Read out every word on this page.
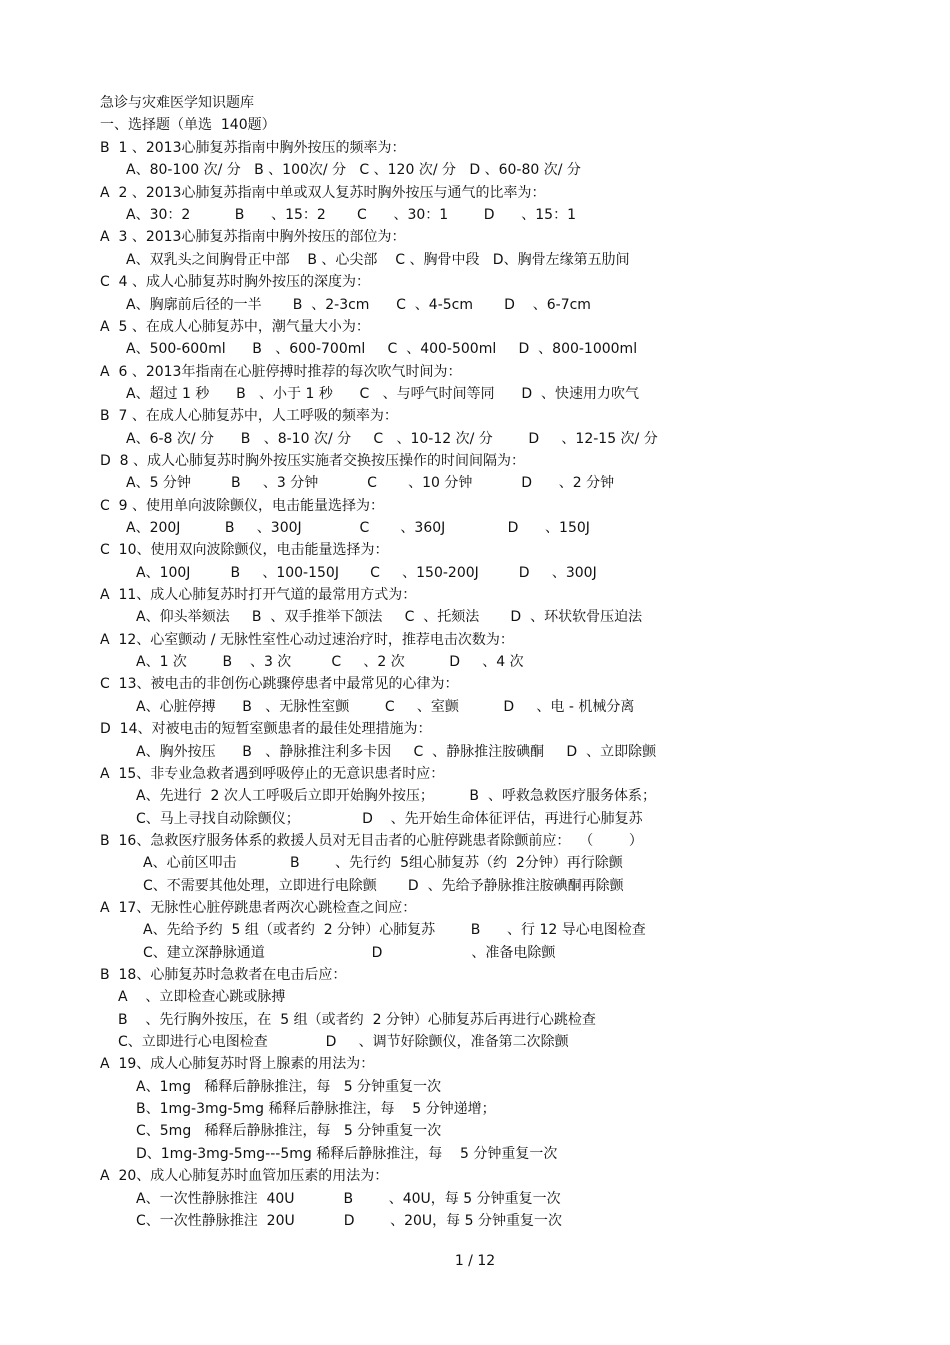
急诊与灾难医学知识题库
一、选择题（单选  140题）
B  1 、2013心肺复苏指南中胸外按压的频率为：
A、80-100 次/ 分   B 、100次/ 分   C 、120 次/ 分   D 、60-80 次/ 分
A  2 、2013心肺复苏指南中单或双人复苏时胸外按压与通气的比率为：
A、30：2          B      、15：2       C      、30：1        D      、15：1
A  3 、2013心肺复苏指南中胸外按压的部位为：
A、双乳头之间胸骨正中部    B 、心尖部    C 、胸骨中段   D、胸骨左缘第五肋间
C  4 、成人心肺复苏时胸外按压的深度为：
A、胸廓前后径的一半       B  、2-3cm      C  、4-5cm       D    、6-7cm
A  5 、在成人心肺复苏中，潮气量大小为：
A、500-600ml      B   、600-700ml     C  、400-500ml     D  、800-1000ml
A  6 、2013年指南在心脏停搏时推荐的每次吹气时间为：
A、超过 1 秒      B   、小于 1 秒      C   、与呼气时间等同      D  、快速用力吹气
B  7 、在成人心肺复苏中，人工呼吸的频率为：
A、6-8 次/ 分      B   、8-10 次/ 分     C   、10-12 次/ 分        D     、12-15 次/ 分
D  8 、成人心肺复苏时胸外按压实施者交换按压操作的时间间隔为：
A、5 分钟         B     、3 分钟           C       、10 分钟           D      、2 分钟
C  9 、使用单向波除颤仪，电击能量选择为：
A、200J          B     、300J             C       、360J              D      、150J
C  10、使用双向波除颤仪，电击能量选择为：
A、100J         B     、100-150J       C     、150-200J         D     、300J
A  11、成人心肺复苏时打开气道的最常用方式为：
A、仰头举颏法     B  、双手推举下颌法     C  、托颏法       D  、环状软骨压迫法
A  12、心室颤动 / 无脉性室性心动过速治疗时，推荐电击次数为：
A、1 次        B    、3 次         C     、2 次          D     、4 次
C  13、被电击的非创伤心跳骤停患者中最常见的心律为：
A、心脏停搏      B   、无脉性室颤        C     、室颤          D     、电 - 机械分离
D  14、对被电击的短暂室颤患者的最佳处理措施为：
A、胸外按压      B   、静脉推注利多卡因     C  、静脉推注胺碘酮     D  、立即除颤
A  15、非专业急救者遇到呼吸停止的无意识患者时应：
A、先进行  2 次人工呼吸后立即开始胸外按压；        B  、呼救急救医疗服务体系；
C、马上寻找自动除颤仪；              D    、先开始生命体征评估，再进行心肺复苏
B  16、急救医疗服务体系的救援人员对无目击者的心脏停跳患者除颤前应：  （        ）
A、心前区叩击            B        、先行约  5组心肺复苏（约  2分钟）再行除颤
C、不需要其他处理，立即进行电除颤       D  、先给予静脉推注胺碘酮再除颤
A  17、无脉性心脏停跳患者两次心跳检查之间应：
A、先给予约  5 组（或者约  2 分钟）心肺复苏        B      、行 12 导心电图检查
C、建立深静脉通道                        D                    、准备电除颤
B  18、心肺复苏时急救者在电击后应：
A    、立即检查心跳或脉搏
B    、先行胸外按压，在  5 组（或者约  2 分钟）心肺复苏后再进行心跳检查
C、立即进行心电图检查             D     、调节好除颤仪，准备第二次除颤
A  19、成人心肺复苏时肾上腺素的用法为：
A、1mg   稀释后静脉推注，每   5 分钟重复一次
B、1mg-3mg-5mg 稀释后静脉推注，每    5 分钟递增；
C、5mg   稀释后静脉推注，每   5 分钟重复一次
D、1mg-3mg-5mg---5mg 稀释后静脉推注，每    5 分钟重复一次
A  20、成人心肺复苏时血管加压素的用法为：
A、一次性静脉推注  40U           B        、40U，每 5 分钟重复一次
C、一次性静脉推注  20U           D        、20U，每 5 分钟重复一次
1 / 12
